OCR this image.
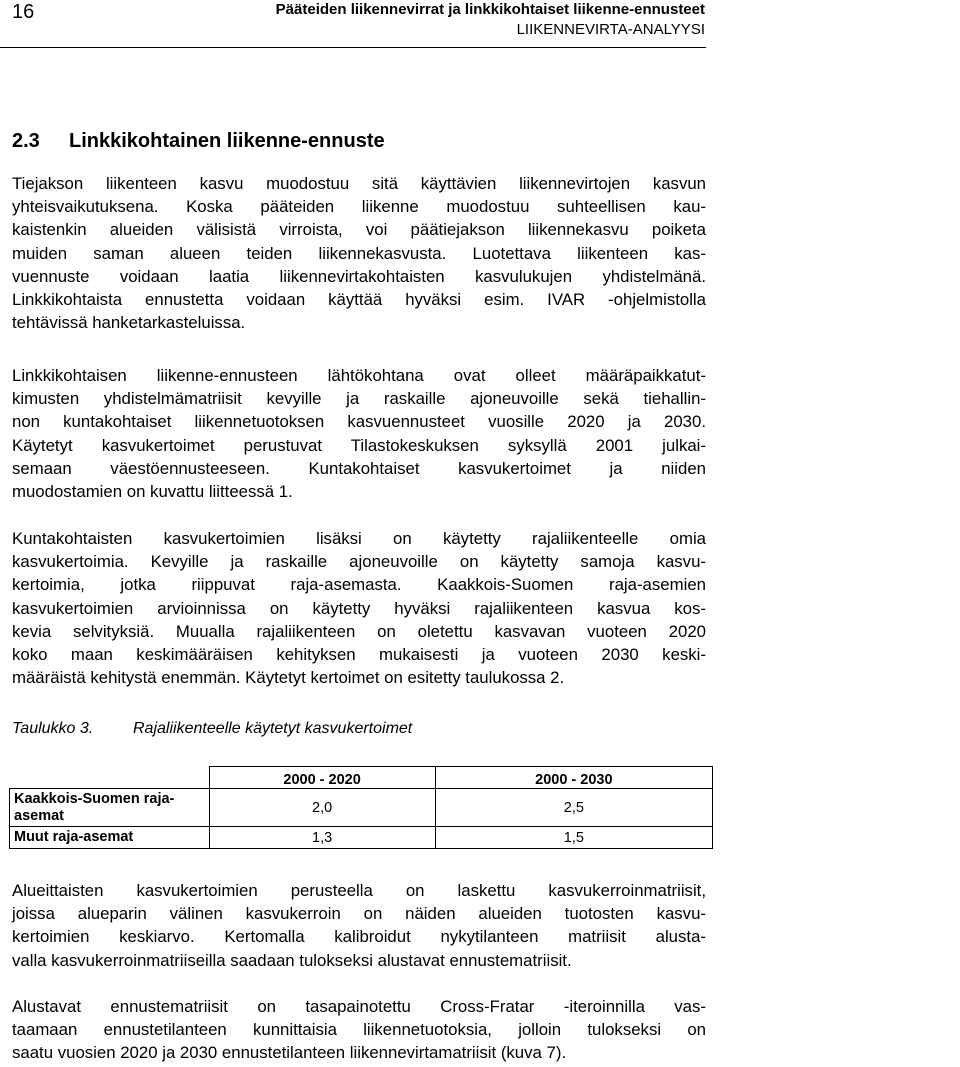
16	Pääteiden liikennevirrat ja linkkikohtaiset liikenne-ennusteet
LIIKENNEVIRTA-ANALYYSI
2.3 Linkkikohtainen liikenne-ennuste
Tiejakson liikenteen kasvu muodostuu sitä käyttävien liikennevirtojen kasvun
yhteisvaikutuksena. Koska pääteiden liikenne muodostuu suhteellisen kau-
kaistenkin alueiden välisistä virroista, voi päätiejakson liikennekasvu poiketa
muiden saman alueen teiden liikennekasvusta. Luotettava liikenteen kas-
vuennuste voidaan laatia liikennevirtakohtaisten kasvulukujen yhdistelmänä.
Linkkikohtaista ennustetta voidaan käyttää hyväksi esim. IVAR -ohjelmistolla
tehtävissä hanketarkasteluissa.
Linkkikohtaisen liikenne-ennusteen lähtökohtana ovat olleet määräpaikkatut-
kimusten yhdistelmämatriisit kevyille ja raskaille ajoneuvoille sekä tiehallin-
non kuntakohtaiset liikennetuotoksen kasvuennusteet vuosille 2020 ja 2030.
Käytetyt kasvukertoimet perustuvat Tilastokeskuksen syksyllä 2001 julkai-
semaan väestöennusteeseen. Kuntakohtaiset kasvukertoimet ja niiden
muodostamien on kuvattu liitteessä 1.
Kuntakohtaisten kasvukertoimien lisäksi on käytetty rajaliikenteelle omia
kasvukertoimia. Kevyille ja raskaille ajoneuvoille on käytetty samoja kasvu-
kertoimia, jotka riippuvat raja-asemasta. Kaakkois-Suomen raja-asemien
kasvukertoimien arvioinnissa on käytetty hyväksi rajaliikenteen kasvua kos-
kevia selvityksiä. Muualla rajaliikenteen on oletettu kasvavan vuoteen 2020
koko maan keskimääräisen kehityksen mukaisesti ja vuoteen 2030 keski-
määräistä kehitystä enemmän. Käytetyt kertoimet on esitetty taulukossa 2.
Taulukko 3. Rajaliikenteelle käytetyt kasvukertoimet
	2000 - 2020	2000 - 2030
Kaakkois-Suomen raja-
asemat	2,0	2,5
Muut raja-asemat	1,3	1,5
Alueittaisten kasvukertoimien perusteella on laskettu kasvukerroinmatriisit,
joissa alueparin välinen kasvukerroin on näiden alueiden tuotosten kasvu-
kertoimien keskiarvo. Kertomalla kalibroidut nykytilanteen matriisit alusta-
valla kasvukerroinmatriiseilla saadaan tulokseksi alustavat ennustematriisit.
Alustavat ennustematriisit on tasapainotettu Cross-Fratar -iteroinnilla vas-
taamaan ennustetilanteen kunnittaisia liikennetuotoksia, jolloin tulokseksi on
saatu vuosien 2020 ja 2030 ennustetilanteen liikennevirtamatriisit (kuva 7).
